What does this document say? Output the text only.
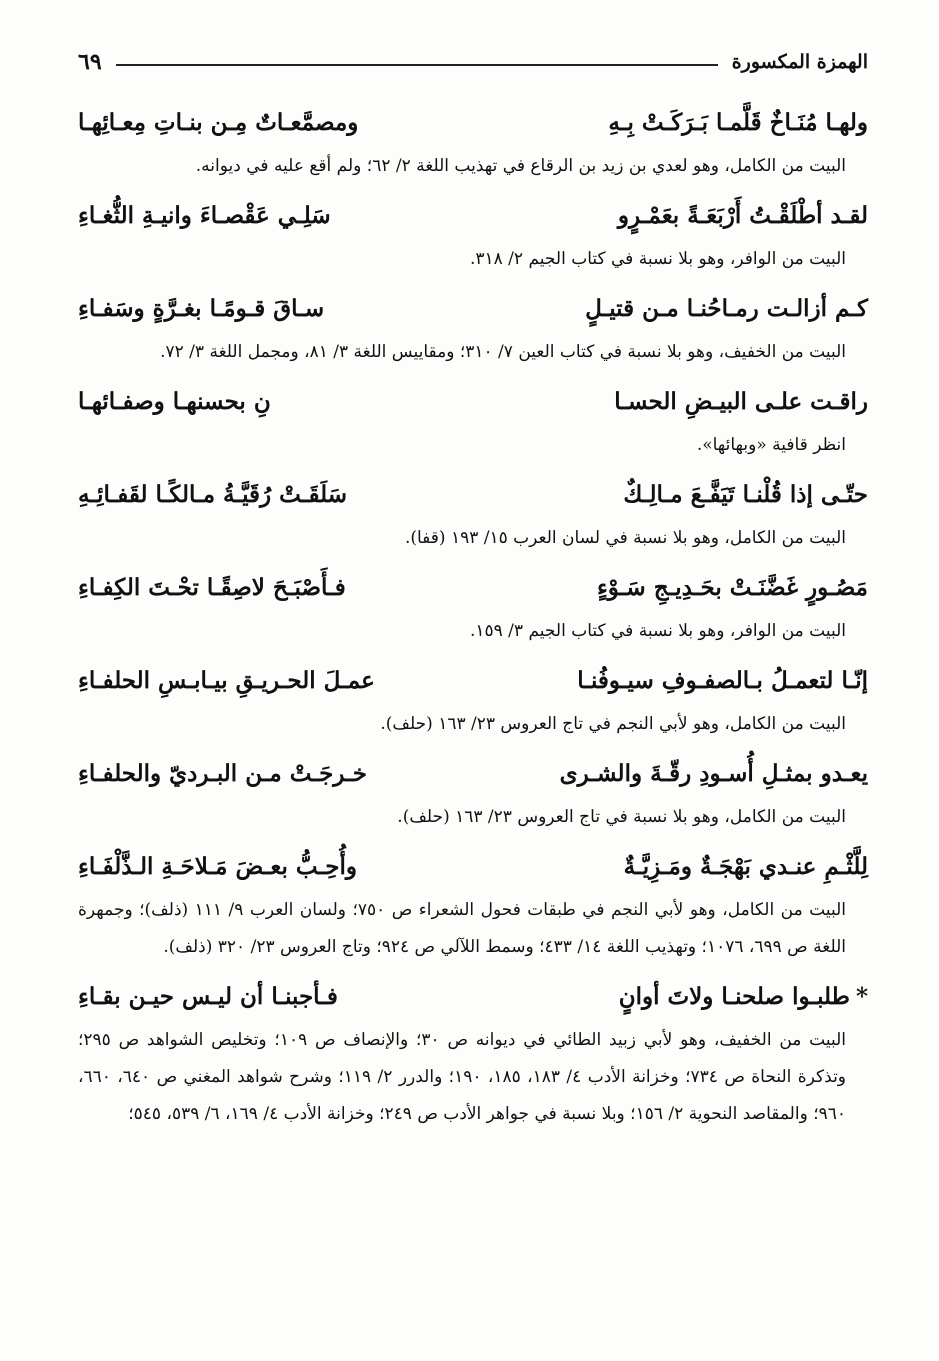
الهمزة المكسورة
٦٩
ولهـا مُنَـاخٌ قَلَّمـا بَـرَكَـتْ بِـهِ
ومصمَّعـاتٌ مِـن بنـاتِ مِعـائِهـا
البيت من الكامل، وهو لعدي بن زيد بن الرقاع في تهذيب اللغة ٢/ ٦٢؛ ولم أقع عليه في ديوانه.
لقـد أطْلَقْـتُ أَرْبَعَـةً بعَمْـرٍو
سَلِـي عَقْصـاءَ وانيـةِ الثُّغـاءِ
البيت من الوافر، وهو بلا نسبة في كتاب الجيم ٢/ ٣١٨.
كـم أزالـت رمـاحُنـا مـن قتيـلٍ
سـاقَ قـومًـا بغـرَّةٍ وسَفـاءِ
البيت من الخفيف، وهو بلا نسبة في كتاب العين ٧/ ٣١٠؛ ومقاييس اللغة ٣/ ٨١، ومجمل اللغة ٣/ ٧٢.
راقـت علـى البيـضِ الحسـا
نِ بحسنهـا وصفـائهـا
انظر قافية «وبهائها».
حتّـى إذا قُلْنـا تَيَفَّـعَ مـالِـكٌ
سَلَقَـتْ رُقَيَّـةُ مـالكًـا لقَفـائِـهِ
البيت من الكامل، وهو بلا نسبة في لسان العرب ١٥/ ١٩٣ (قفا).
مَصُـورٍ غَضَّنَـتْ بحَـدِيـجِ سَـوْءٍ
فـأَصْبَـحَ لاصِقًـا تحْـتَ الكِفـاءِ
البيت من الوافر، وهو بلا نسبة في كتاب الجيم ٣/ ١٥٩.
إنّـا لتعمـلُ بـالصفـوفِ سيـوفُنـا
عمـلَ الحـريـقِ بيـابـسِ الحلفـاءِ
البيت من الكامل، وهو لأبي النجم في تاج العروس ٢٣/ ١٦٣ (حلف).
يعـدو بمثـلِ أُسـودِ رقّـةَ والشـرى
خـرجَـتْ مـن البـرديّ والحلفـاءِ
البيت من الكامل، وهو بلا نسبة في تاج العروس ٢٣/ ١٦٣ (حلف).
لِلَّثْـمِ عنـدي بَهْجَـةٌ ومَـزِيَّـةٌ
وأُحِـبُّ بعـضَ مَـلاحَـةِ الـذَّلْفَـاءِ
البيت من الكامل، وهو لأبي النجم في طبقات فحول الشعراء ص ٧٥٠؛ ولسان العرب ٩/ ١١١ (ذلف)؛ وجمهرة اللغة ص ٦٩٩، ١٠٧٦؛ وتهذيب اللغة ١٤/ ٤٣٣؛ وسمط اللآلي ص ٩٢٤؛ وتاج العروس ٢٣/ ٣٢٠ (ذلف).
*طلبـوا صلحنـا ولاتَ أوانٍ
فـأجبنـا أن ليـس حيـن بقـاءِ
البيت من الخفيف، وهو لأبي زبيد الطائي في ديوانه ص ٣٠؛ والإنصاف ص ١٠٩؛ وتخليص الشواهد ص ٢٩٥؛ وتذكرة النحاة ص ٧٣٤؛ وخزانة الأدب ٤/ ١٨٣، ١٨٥، ١٩٠؛ والدرر ٢/ ١١٩؛ وشرح شواهد المغني ص ٦٤٠، ٦٦٠، ٩٦٠؛ والمقاصد النحوية ٢/ ١٥٦؛ وبلا نسبة في جواهر الأدب ص ٢٤٩؛ وخزانة الأدب ٤/ ١٦٩، ٦/ ٥٣٩، ٥٤٥؛
